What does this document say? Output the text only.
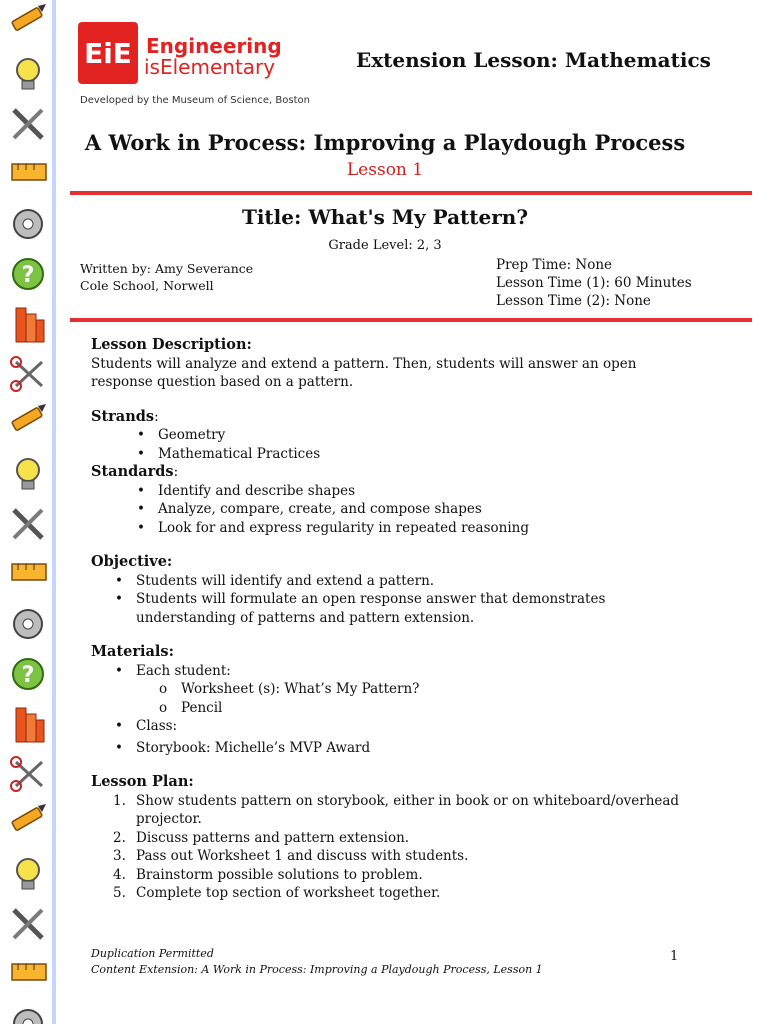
?
?
EiE Engineering
isElementary
Developed by the Museum of Science, Boston
Extension Lesson: Mathematics
A Work in Process: Improving a Playdough Process
Lesson 1
Title: What's My Pattern?
Grade Level: 2, 3
Written by: Amy Severance
Cole School, Norwell
Prep Time: None
Lesson Time (1): 60 Minutes
Lesson Time (2): None
Lesson Description:
Students will analyze and extend a pattern. Then, students will answer an open response question based on a pattern.
Strands:
• Geometry
• Mathematical Practices
Standards:
• Identify and describe shapes
• Analyze, compare, create, and compose shapes
• Look for and express regularity in repeated reasoning
Objective:
• Students will identify and extend a pattern.
• Students will formulate an open response answer that demonstrates understanding of patterns and pattern extension.
Materials:
• Each student:
o Worksheet (s): What’s My Pattern?
o Pencil
• Class:
• Storybook: Michelle’s MVP Award
Lesson Plan:
1. Show students pattern on storybook, either in book or on whiteboard/overhead projector.
2. Discuss patterns and pattern extension.
3. Pass out Worksheet 1 and discuss with students.
4. Brainstorm possible solutions to problem.
5. Complete top section of worksheet together.
Duplication Permitted
Content Extension: A Work in Process: Improving a Playdough Process, Lesson 1
1
